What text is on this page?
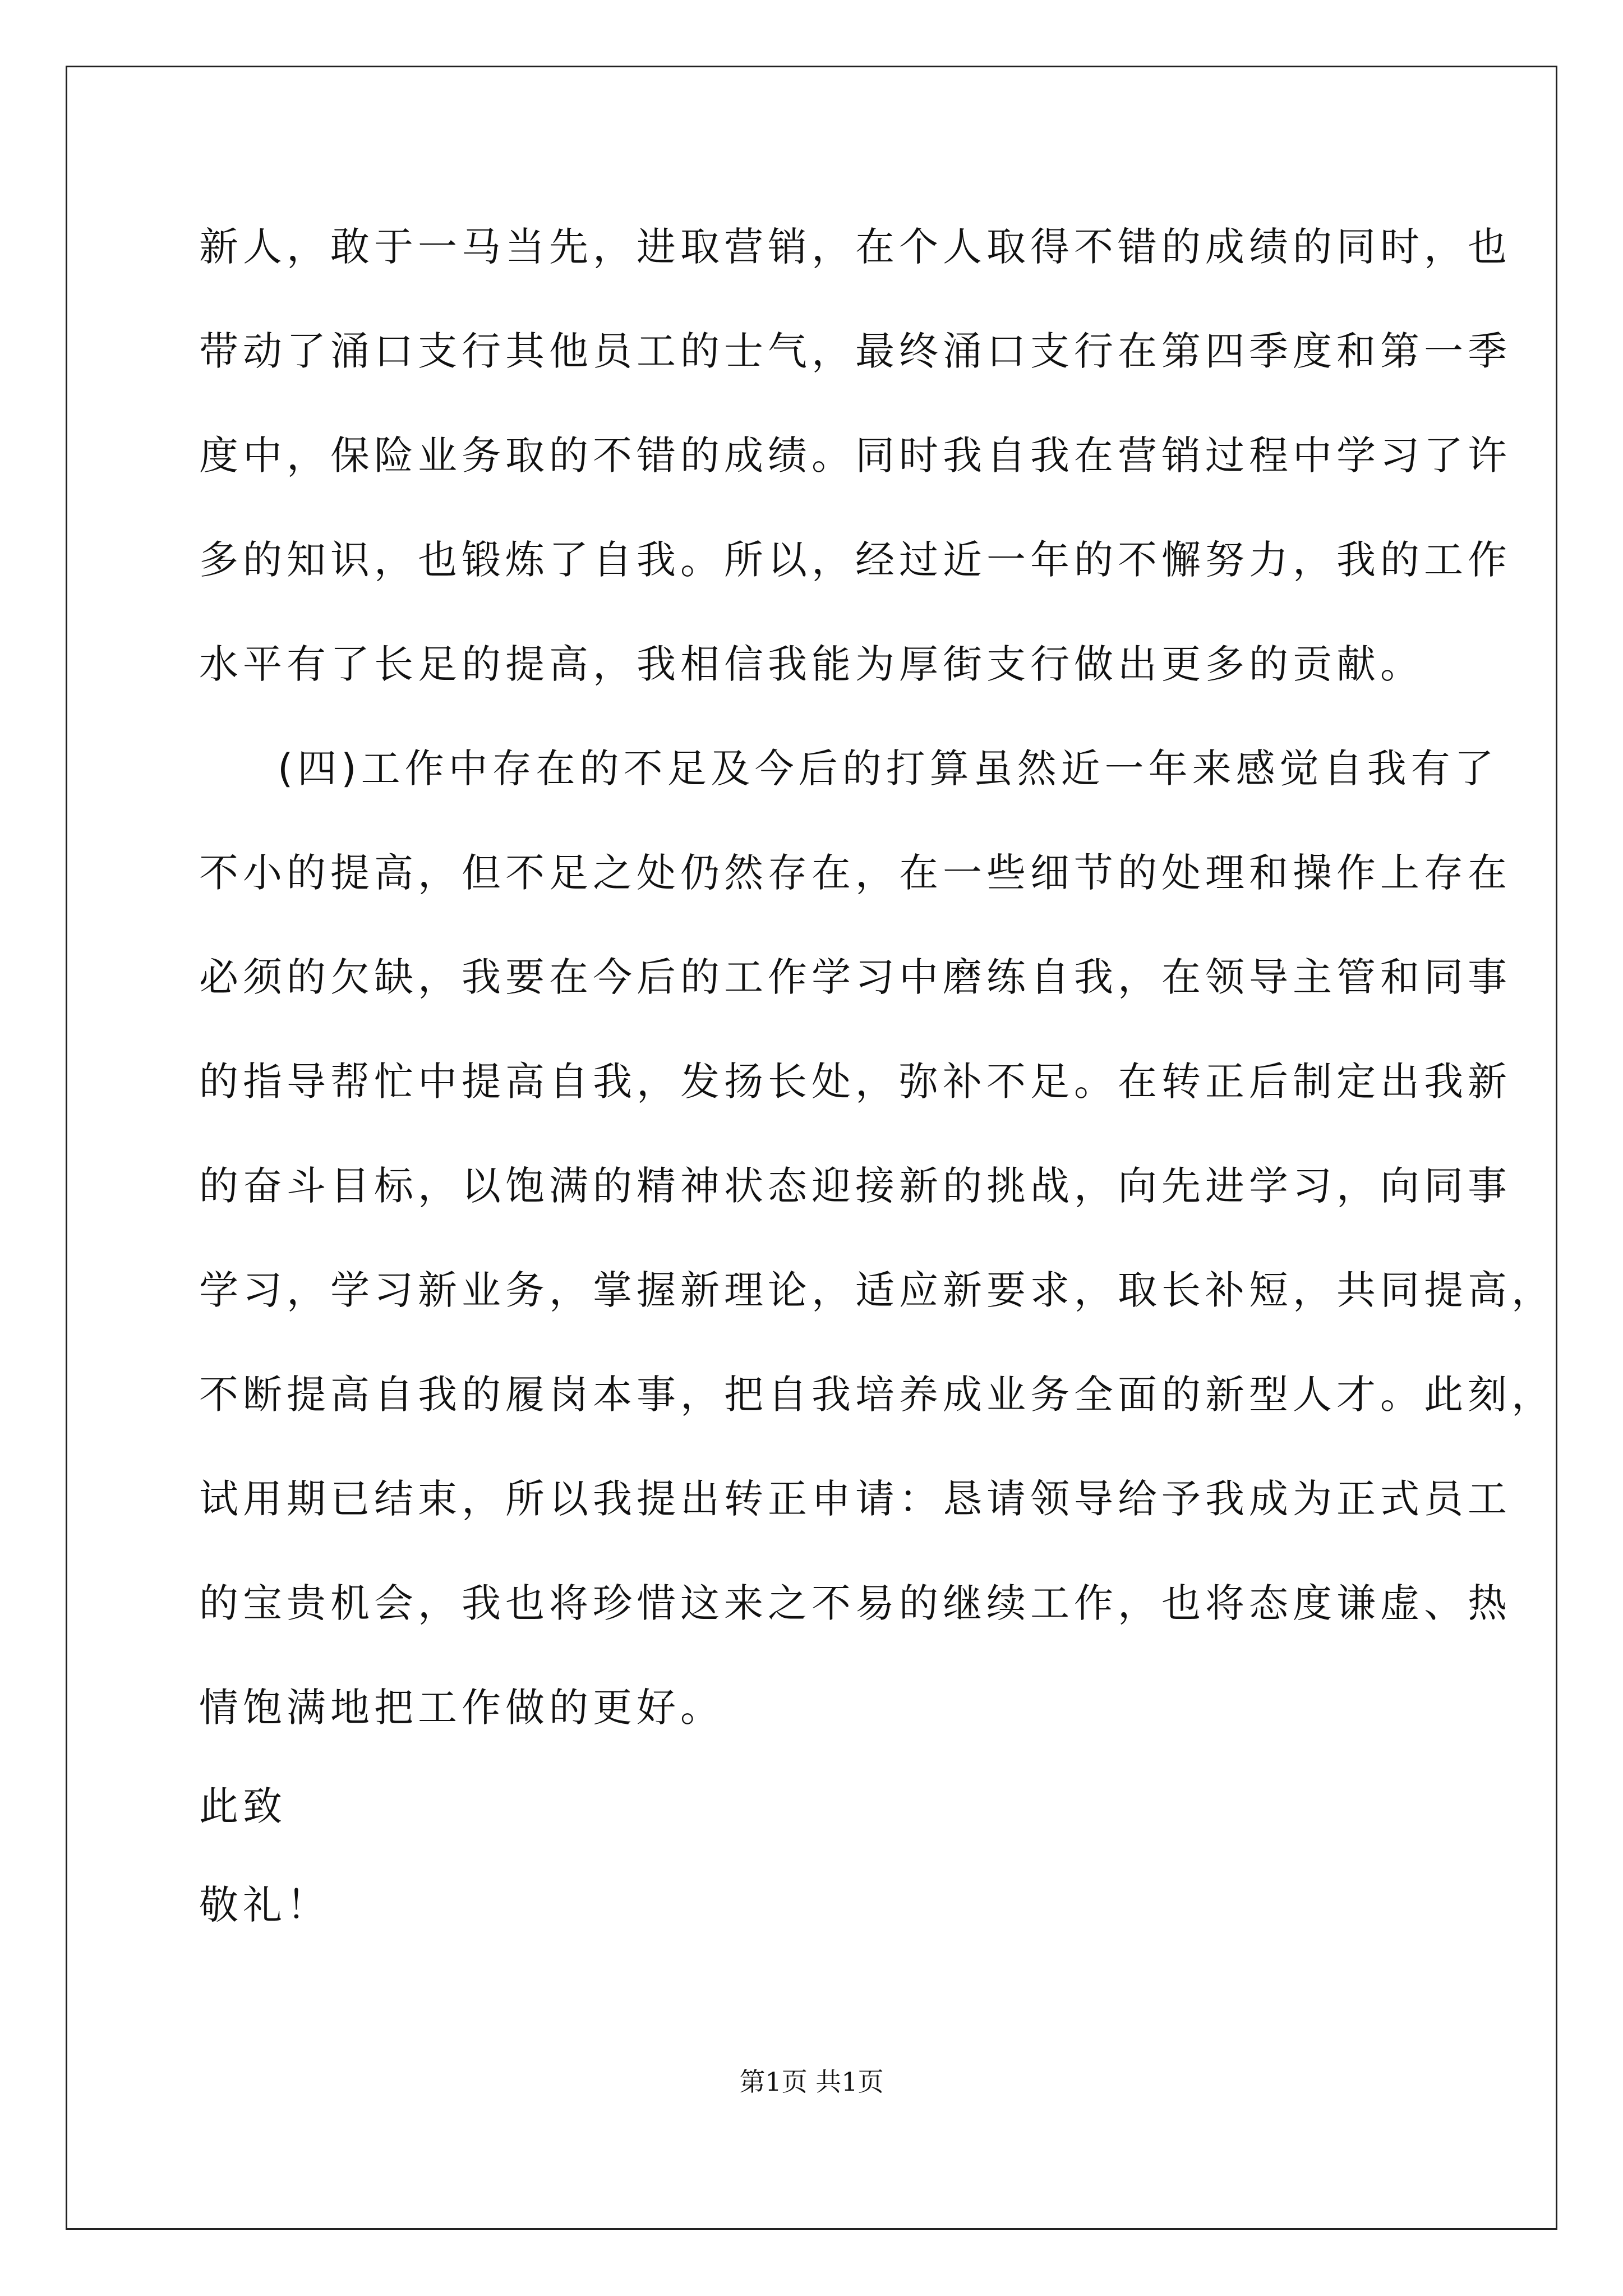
新人，敢于一马当先，进取营销，在个人取得不错的成绩的同时，也
带动了涌口支行其他员工的士气，最终涌口支行在第四季度和第一季
度中，保险业务取的不错的成绩。同时我自我在营销过程中学习了许
多的知识，也锻炼了自我。所以，经过近一年的不懈努力，我的工作
水平有了长足的提高，我相信我能为厚街支行做出更多的贡献。
(四)工作中存在的不足及今后的打算虽然近一年来感觉自我有了
不小的提高，但不足之处仍然存在，在一些细节的处理和操作上存在
必须的欠缺，我要在今后的工作学习中磨练自我，在领导主管和同事
的指导帮忙中提高自我，发扬长处，弥补不足。在转正后制定出我新
的奋斗目标，以饱满的精神状态迎接新的挑战，向先进学习，向同事
学习，学习新业务，掌握新理论，适应新要求，取长补短，共同提高，
不断提高自我的履岗本事，把自我培养成业务全面的新型人才。此刻，
试用期已结束，所以我提出转正申请：恳请领导给予我成为正式员工
的宝贵机会，我也将珍惜这来之不易的继续工作，也将态度谦虚、热
情饱满地把工作做的更好。
此致
敬礼！
第1页 共1页
